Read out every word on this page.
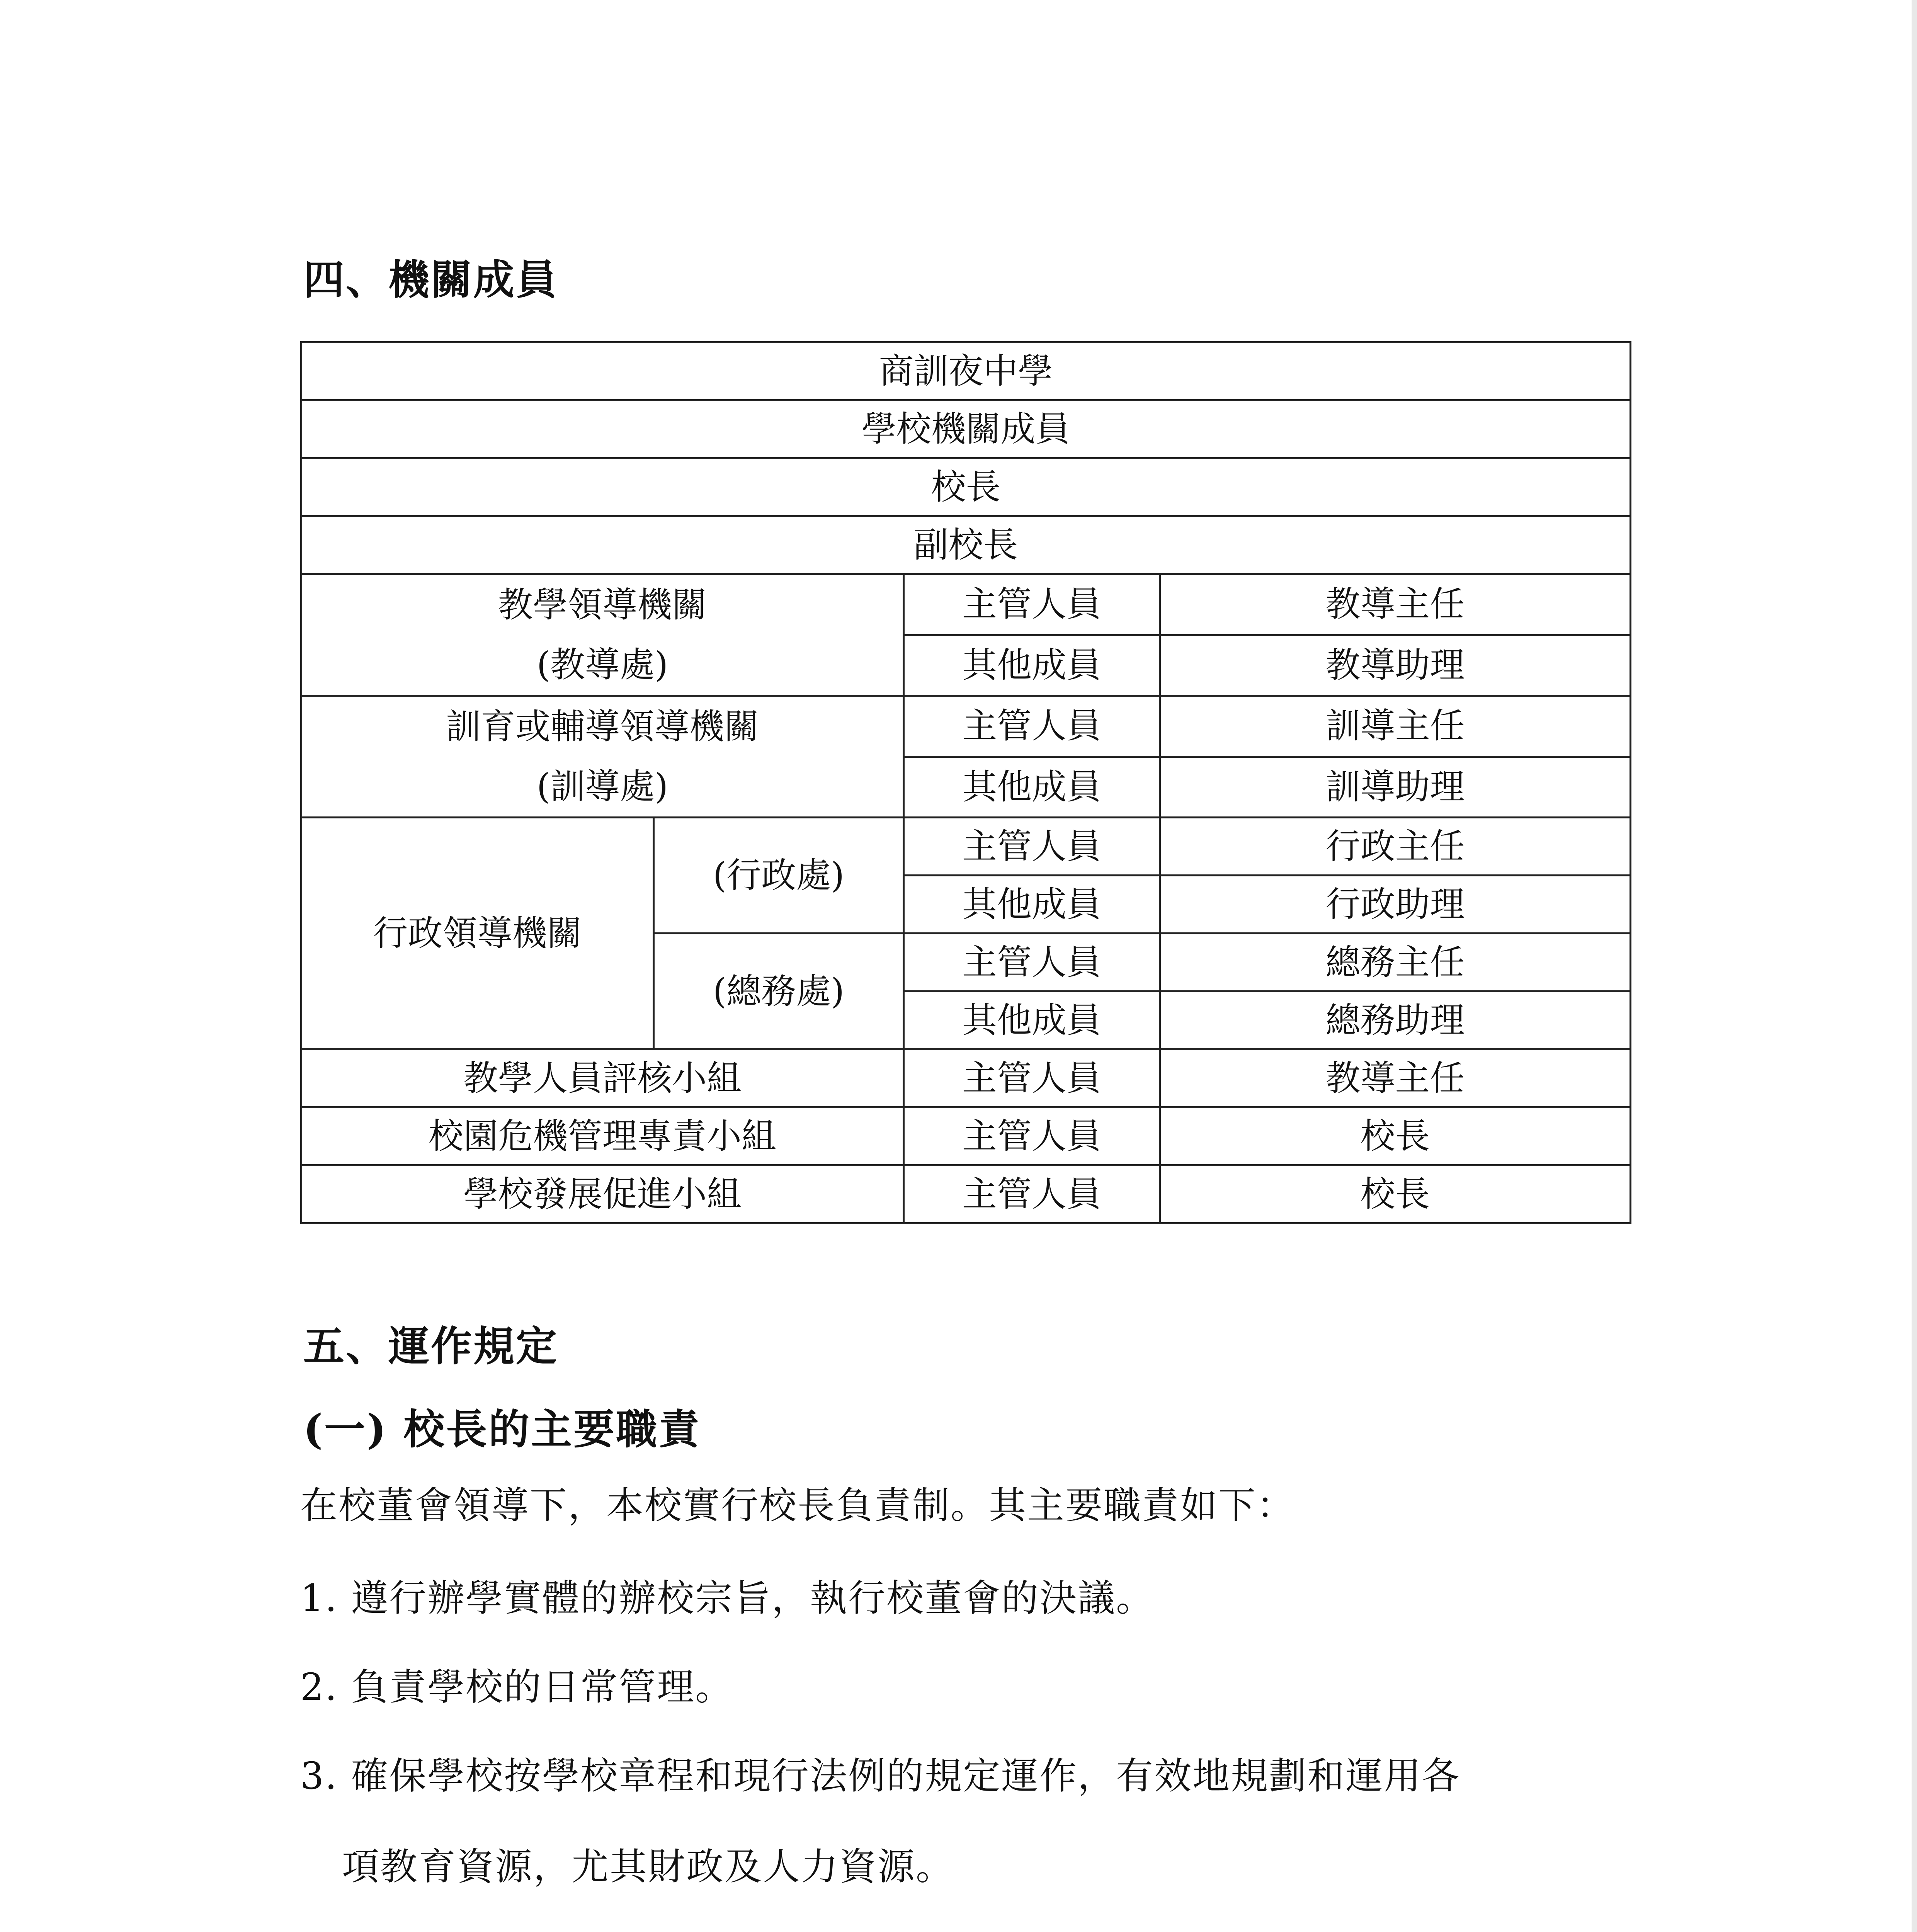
四、機關成員
商訓夜中學			
學校機關成員			
校長			
副校長			

教學領導機關
(教導處)		主管人員	教導主任
		其他成員	教導助理

訓育或輔導領導機關
(訓導處)		主管人員	訓導主任
		其他成員	訓導助理
行政領導機關	(行政處)	主管人員	行政主任
		其他成員	行政助理
	(總務處)	主管人員	總務主任
		其他成員	總務助理
教學人員評核小組		主管人員	教導主任
校園危機管理專責小組		主管人員	校長
學校發展促進小組		主管人員	校長
五、運作規定
(一) 校長的主要職責
在校董會領導下，本校實行校長負責制。其主要職責如下：
1. 遵行辦學實體的辦校宗旨，執行校董會的決議。
2. 負責學校的日常管理。
3. 確保學校按學校章程和現行法例的規定運作，有效地規劃和運用各
項教育資源，尤其財政及人力資源。
